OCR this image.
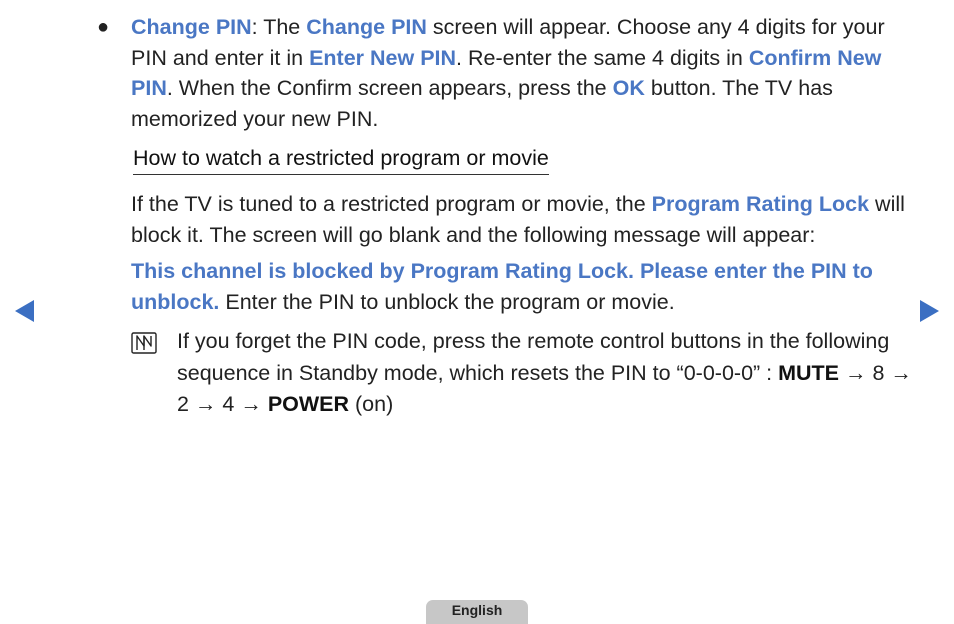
● Change PIN: The Change PIN screen will appear. Choose any 4 digits for your PIN and enter it in Enter New PIN. Re-enter the same 4 digits in Confirm New PIN. When the Confirm screen appears, press the OK button. The TV has memorized your new PIN.

How to watch a restricted program or movie

If the TV is tuned to a restricted program or movie, the Program Rating Lock will block it. The screen will go blank and the following message will appear:

This channel is blocked by Program Rating Lock. Please enter the PIN to unblock. Enter the PIN to unblock the program or movie.

If you forget the PIN code, press the remote control buttons in the following sequence in Standby mode, which resets the PIN to “0-0-0-0” : MUTE → 8 → 2 → 4 → POWER (on)

English
